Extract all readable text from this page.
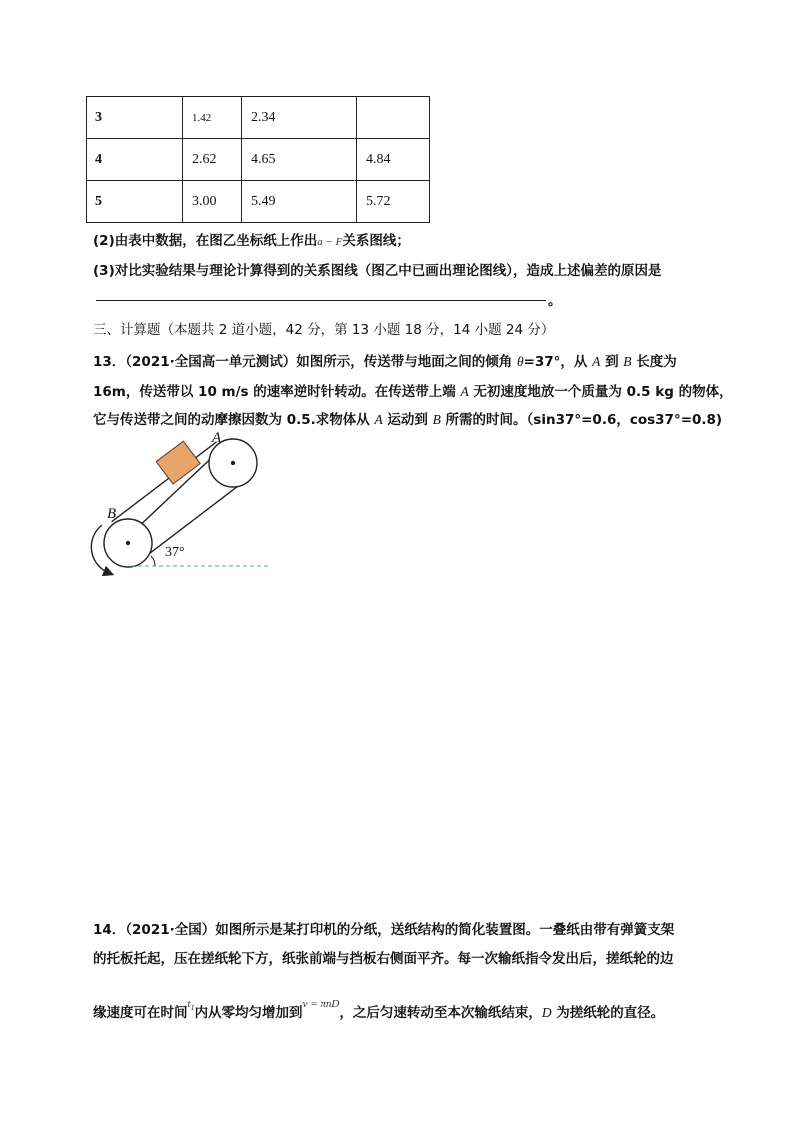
3	1.42	2.34	
4	2.62	4.65	4.84
5	3.00	5.49	5.72
(2)由表中数据，在图乙坐标纸上作出a − F关系图线；
(3)对比实验结果与理论计算得到的关系图线（图乙中已画出理论图线），造成上述偏差的原因是
。
三、计算题（本题共 2 道小题，42 分，第 13 小题 18 分，14 小题 24 分）
13．（2021·全国高一单元测试）如图所示，传送带与地面之间的倾角 θ=37°，从 A 到 B 长度为
16m，传送带以 10 m/s 的速率逆时针转动。在传送带上端 A 无初速度地放一个质量为 0.5 kg 的物体，
它与传送带之间的动摩擦因数为 0.5.求物体从 A 运动到 B 所需的时间。（sin37°=0.6，cos37°=0.8)
A
B
37°
14．（2021·全国）如图所示是某打印机的分纸，送纸结构的简化装置图。一叠纸由带有弹簧支架
的托板托起，压在搓纸轮下方，纸张前端与挡板右侧面平齐。每一次输纸指令发出后，搓纸轮的边
缘速度可在时间$^{t_1}$内从零均匀增加到$^{v = \pi nD}$，之后匀速转动至本次输纸结束，D 为搓纸轮的直径。
